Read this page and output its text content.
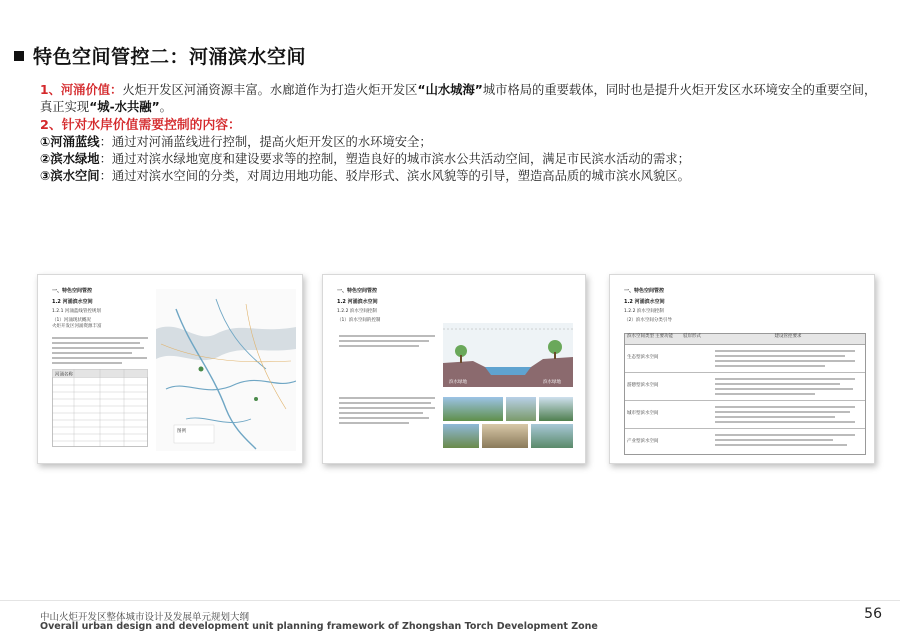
特色空间管控二：河涌滨水空间
1、河涌价值：火炬开发区河涌资源丰富。水廊道作为打造火炬开发区“山水城海”城市格局的重要载体，同时也是提升火炬开发区水环境安全的重要空间，
真正实现“城-水共融”。
2、针对水岸价值需要控制的内容：
①河涌蓝线：通过对河涌蓝线进行控制，提高火炬开发区的水环境安全；
②滨水绿地：通过对滨水绿地宽度和建设要求等的控制，塑造良好的城市滨水公共活动空间，满足市民滨水活动的需求；
③滨水空间：通过对滨水空间的分类，对周边用地功能、驳岸形式、滨水风貌等的引导，塑造高品质的城市滨水风貌区。
一、特色空间管控
1.2 河涌滨水空间
1.2.1 河涌蓝线管控规划
（1）河涌现状概况
火炬开发区河涌资源丰富
河涌名称
图例
一、特色空间管控
1.2 河涌滨水空间
1.2.2 滨水空间控制
（1）滨水空间的控制
滨水绿地	滨水绿地
一、特色空间管控
1.2 河涌滨水空间
1.2.2 滨水空间控制
（2）滨水空间分类引导
滨水空间类型 主要功能	驳岸形式	建设管控要求
生态型滨水空间
游憩型滨水空间
城市型滨水空间
产业型滨水空间
中山火炬开发区整体城市设计及发展单元规划大纲
Overall urban design and development unit planning framework of Zhongshan Torch Development Zone
56
